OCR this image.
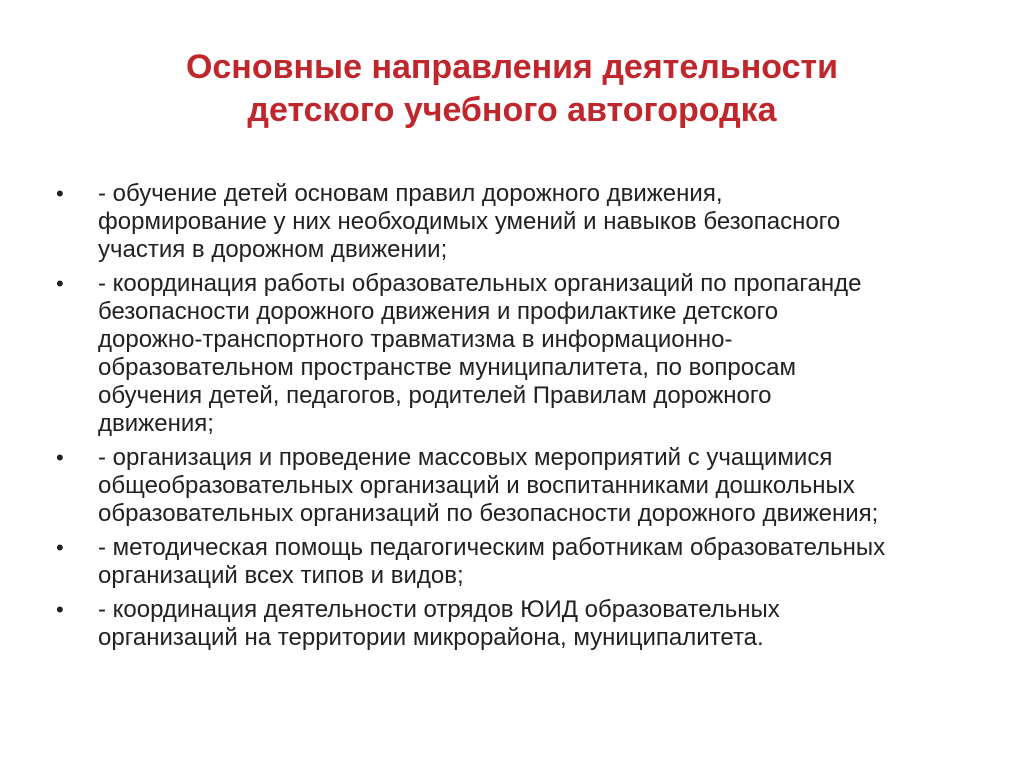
Основные направления деятельности
детского учебного автогородка
•	- обучение детей основам правил дорожного движения,
формирование у них необходимых умений и навыков безопасного
участия в дорожном движении;
•	- координация работы образовательных организаций по пропаганде
безопасности дорожного движения и профилактике детского
дорожно-транспортного травматизма в информационно-
образовательном пространстве муниципалитета, по вопросам
обучения детей, педагогов, родителей Правилам дорожного
движения;
•	- организация и проведение массовых мероприятий с учащимися
общеобразовательных организаций и воспитанниками дошкольных
образовательных организаций по безопасности дорожного движения;
•	- методическая помощь педагогическим работникам образовательных
организаций всех типов и видов;
•	- координация деятельности отрядов ЮИД образовательных
организаций на территории микрорайона, муниципалитета.
